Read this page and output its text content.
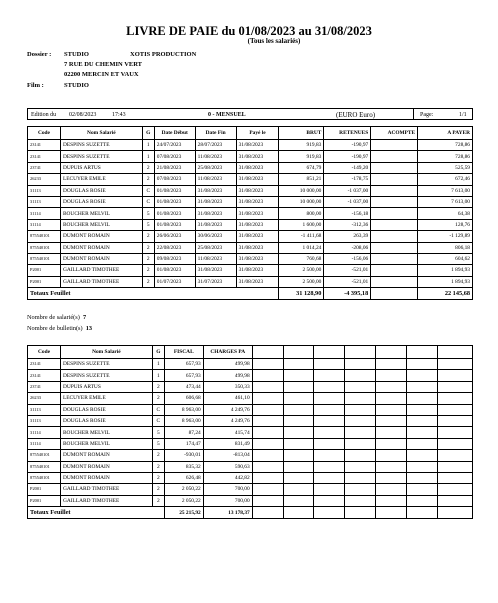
LIVRE DE PAIE du 01/08/2023 au 31/08/2023
(Tous les salariés)
Dossier : STUDIO	XOTIS PRODUCTION
7 RUE DU CHEMIN VERT
02200 MERCIN ET VAUX
Film :	STUDIO
Edition du 02/08/2023	17:43	0 - MENSUEL	(EURO Euro)	Page:	1/1
Code	Nom Salarié	G	Date Début	Date Fin	Payé le	BRUT	RETENUES	ACOMPTE	A PAYER
23141	DESPINS SUZETTE	1	24/07/2023	28/07/2023	31/08/2023	919,83	-190,97		728,86
23141	DESPINS SUZETTE	1	07/08/2023	11/08/2023	31/08/2023	919,83	-190,97		728,86
23741	DUPUIS ARTUS	2	21/08/2023	25/08/2023	31/08/2023	674,79	-149,20		525,59
26233	LECUYER EMILE	2	07/08/2023	11/08/2023	31/08/2023	851,21	-178,75		672,46
31113	DOUGLAS ROSIE	C	01/08/2023	31/08/2023	31/08/2023	10 000,00	-1 037,00		7 613,00
31113	DOUGLAS ROSIE	C	01/08/2023	31/08/2023	31/08/2023	10 000,00	-1 037,00		7 613,00
31114	BOUCHER MELVIL	5	01/08/2023	31/08/2023	31/08/2023	800,00	-156,18		64,38
31114	BOUCHER MELVIL	5	01/08/2023	31/08/2023	31/08/2023	1 600,00	-312,36		128,76
875540101	DUMONT ROMAIN	2	26/06/2023	30/06/2023	31/08/2023	-1 411,68	263,39		-1 129,89
875540101	DUMONT ROMAIN	2	22/08/2023	25/08/2023	31/08/2023	1 014,24	-208,06		806,18
875540101	DUMONT ROMAIN	2	09/08/2023	11/08/2023	31/08/2023	760,68	-156,06		604,62
P2001	GAILLARD TIMOTHEE	2	01/08/2023	31/08/2023	31/08/2023	2 500,00	-521,01		1 894,93
P2001	GAILLARD TIMOTHEE	2	01/07/2023	31/07/2023	31/08/2023	2 500,00	-521,01		1 894,93
Totaux Feuillet						31 128,90	-4 395,18		22 145,68
Nombre de salarié(s) 7
Nombre de bulletin(s) 13
Code	Nom Salarié	G	FISCAL	CHARGES PA							
23141	DESPINS SUZETTE	1	657,93	499,98							
23141	DESPINS SUZETTE	1	657,93	499,98							
23741	DUPUIS ARTUS	2	473,44	350,33							
26233	LECUYER EMILE	2	606,68	461,10							
31113	DOUGLAS ROSIE	C	8 963,00	4 249,76							
31113	DOUGLAS ROSIE	C	8 963,00	4 249,76							
31114	BOUCHER MELVIL	5	87,24	415,74							
31114	BOUCHER MELVIL	5	174,47	831,49							
875540101	DUMONT ROMAIN	2	-930,01	-813,04							
875540101	DUMONT ROMAIN	2	835,32	590,63							
875540101	DUMONT ROMAIN	2	626,48	442,82							
P2001	GAILLARD TIMOTHEE	2	2 050,22	700,00							
P2001	GAILLARD TIMOTHEE	2	2 050,22	700,00							
Totaux Feuillet			25 215,92	13 178,37							
